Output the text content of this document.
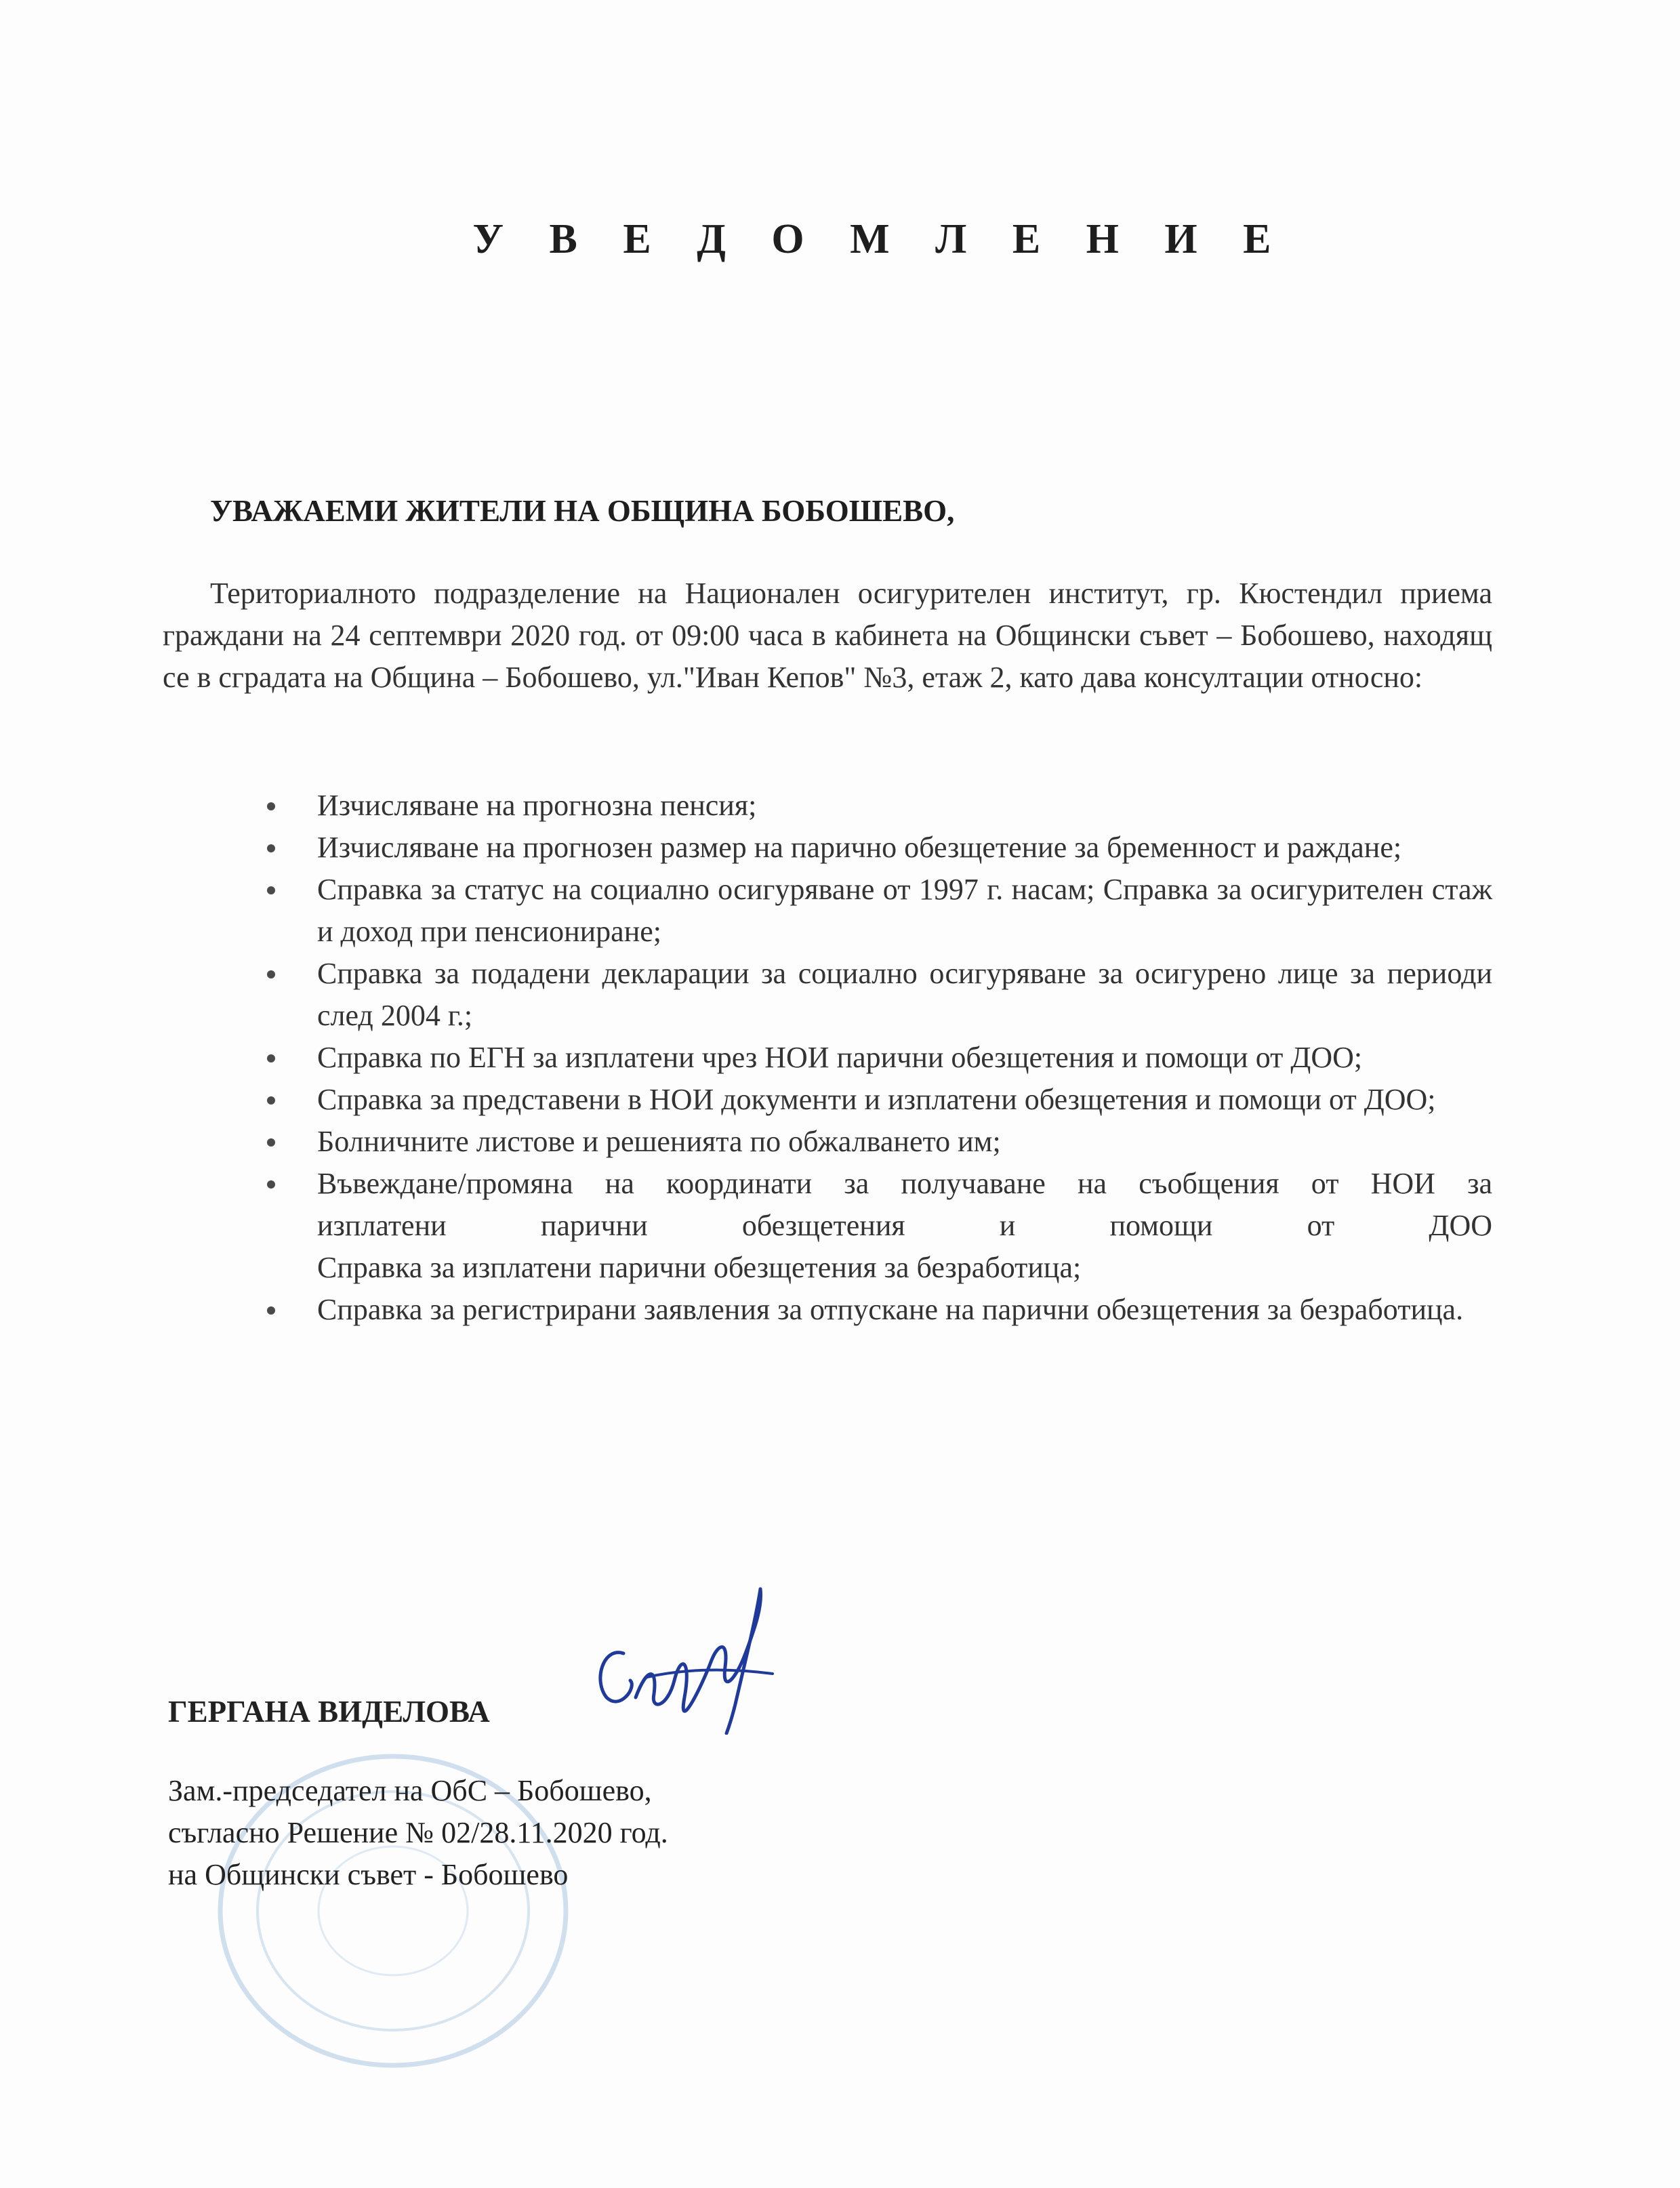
У В Е Д О М Л Е Н И Е
УВАЖАЕМИ ЖИТЕЛИ НА ОБЩИНА БОБОШЕВО,
Териториалното подразделение на Национален осигурителен институт, гр. Кюстендил приема граждани на 24 септември 2020 год. от 09:00 часа в кабинета на Общински съвет – Бобошево, находящ се в сградата на Община – Бобошево, ул."Иван Кепов" №3, етаж 2, като дава консултации относно:
Изчисляване на прогнозна пенсия;
Изчисляване на прогнозен размер на парично обезщетение за бременност и раждане;
Справка за статус на социално осигуряване от 1997 г. насам; Справка за осигурителен стаж и доход при пенсиониране;
Справка за подадени декларации за социално осигуряване за осигурено лице за периоди след 2004 г.;
Справка по ЕГН за изплатени чрез НОИ парични обезщетения и помощи от ДОО;
Справка за представени в НОИ документи и изплатени обезщетения и помощи от ДОО;
Болничните листове и решенията по обжалването им;
Въвеждане/промяна на координати за получаване на съобщения от НОИ за
изплатени парични обезщетения и помощи от ДОО
Справка за изплатени парични обезщетения за безработица;
Справка за регистрирани заявления за отпускане на парични обезщетения за безработица.
ГЕРГАНА ВИДЕЛОВА
Зам.-председател на ОбС – Бобошево,
съгласно Решение № 02/28.11.2020 год.
на Общински съвет - Бобошево
